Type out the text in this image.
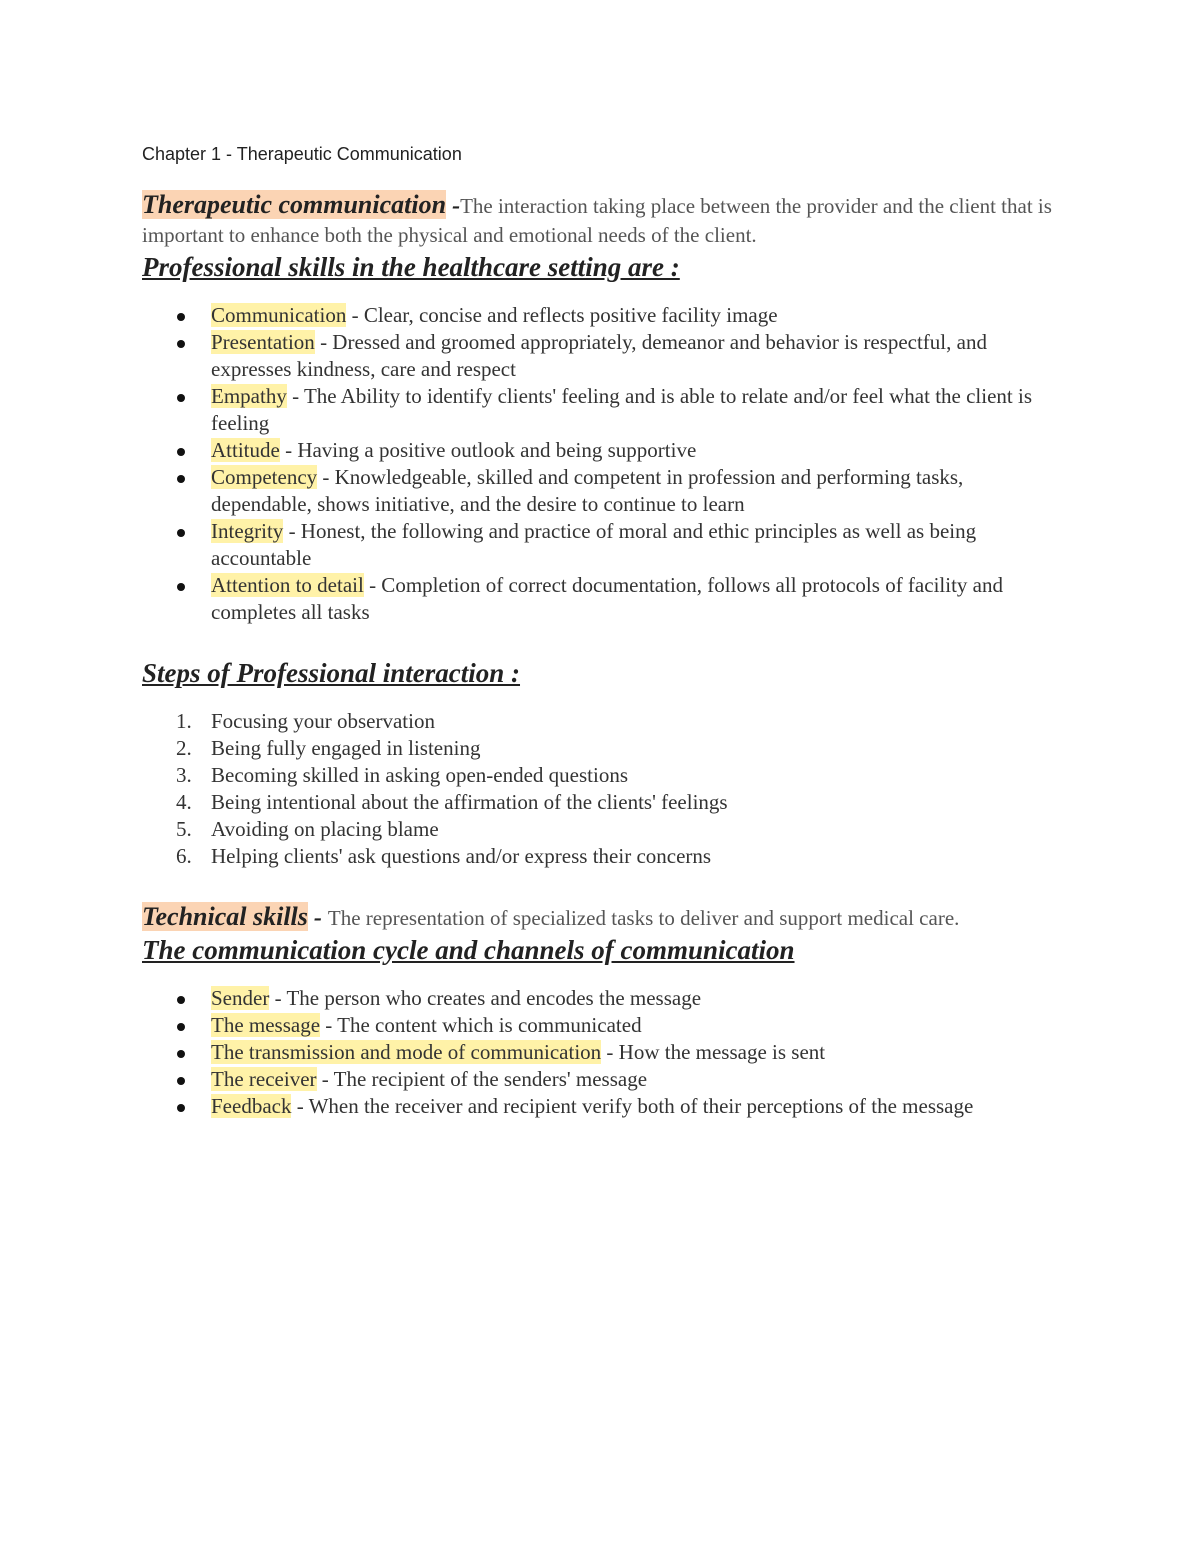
Chapter 1 - Therapeutic Communication

Therapeutic communication -The interaction taking place between the provider and the client that is important to enhance both the physical and emotional needs of the client.

Professional skills in the healthcare setting are :

Communication - Clear, concise and reflects positive facility image
Presentation - Dressed and groomed appropriately, demeanor and behavior is respectful, and expresses kindness, care and respect
Empathy - The Ability to identify clients' feeling and is able to relate and/or feel what the client is feeling
Attitude - Having a positive outlook and being supportive
Competency - Knowledgeable, skilled and competent in profession and performing tasks, dependable, shows initiative, and the desire to continue to learn
Integrity - Honest, the following and practice of moral and ethic principles as well as being accountable
Attention to detail - Completion of correct documentation, follows all protocols of facility and completes all tasks

Steps of Professional interaction :

1. Focusing your observation
2. Being fully engaged in listening
3. Becoming skilled in asking open-ended questions
4. Being intentional about the affirmation of the clients' feelings
5. Avoiding on placing blame
6. Helping clients' ask questions and/or express their concerns

Technical skills - The representation of specialized tasks to deliver and support medical care.

The communication cycle and channels of communication

Sender - The person who creates and encodes the message
The message - The content which is communicated
The transmission and mode of communication - How the message is sent
The receiver - The recipient of the senders' message
Feedback - When the receiver and recipient verify both of their perceptions of the message
